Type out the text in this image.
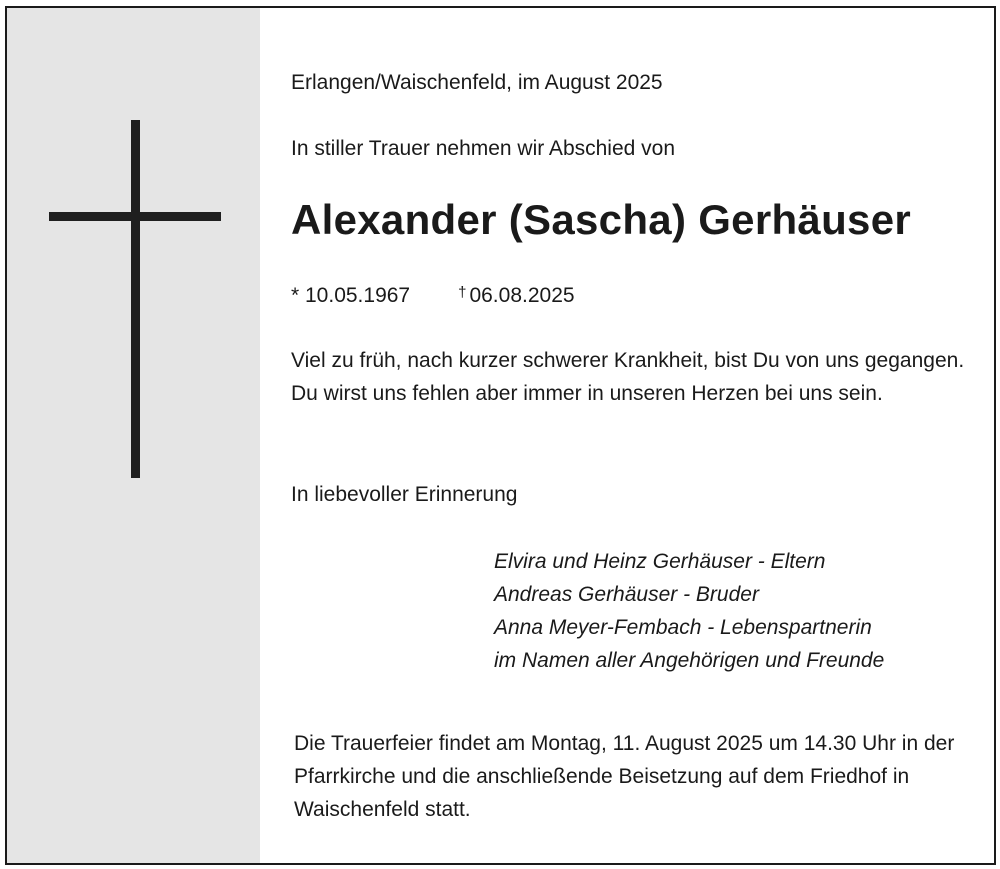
Erlangen/Waischenfeld, im August 2025

In stiller Trauer nehmen wir Abschied von

Alexander (Sascha) Gerhäuser

* 10.05.1967	† 06.08.2025

Viel zu früh, nach kurzer schwerer Krankheit, bist Du von uns gegangen. Du wirst uns fehlen aber immer in unseren Herzen bei uns sein.

In liebevoller Erinnerung

Elvira und Heinz Gerhäuser - Eltern
Andreas Gerhäuser - Bruder
Anna Meyer-Fembach - Lebenspartnerin
im Namen aller Angehörigen und Freunde

Die Trauerfeier findet am Montag, 11. August 2025 um 14.30 Uhr in der Pfarrkirche und die anschließende Beisetzung auf dem Friedhof in Waischenfeld statt.
